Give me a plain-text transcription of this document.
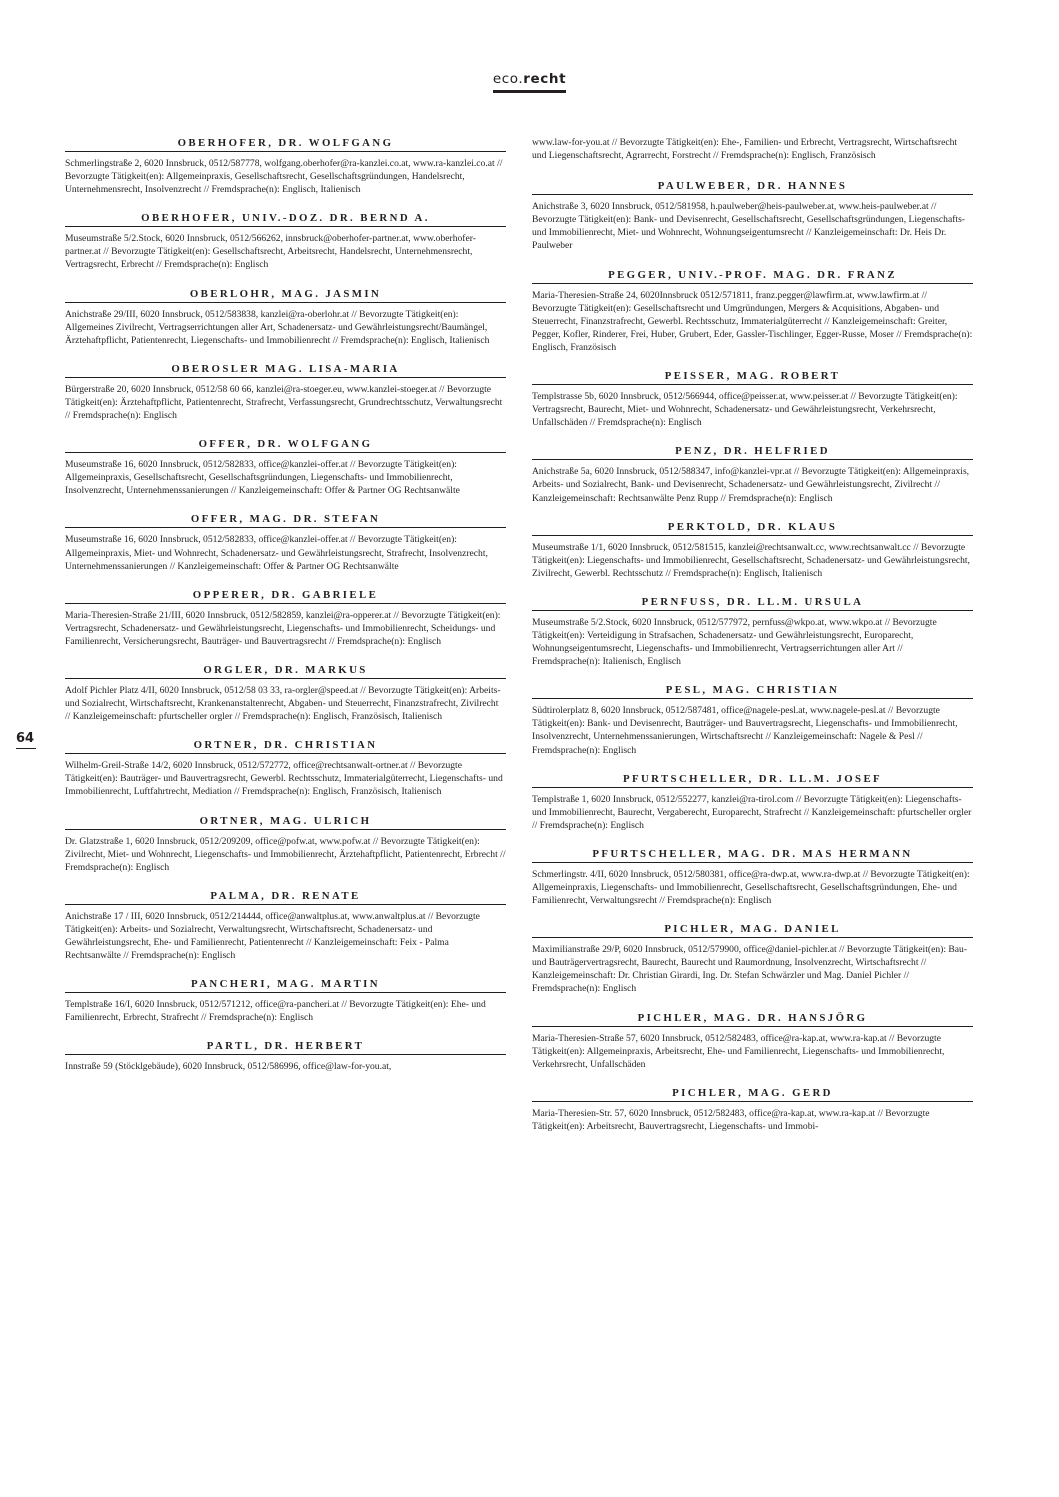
eco.recht
64
OBERHOFER, DR. WOLFGANG
Schmerlingstraße 2, 6020 Innsbruck, 0512/587778, wolfgang.oberhofer@ra-kanzlei.co.at, www.ra-kanzlei.co.at // Bevorzugte Tätigkeit(en): Allgemeinpraxis, Gesellschaftsrecht, Gesellschaftsgründungen, Handelsrecht, Unternehmensrecht, Insolvenzrecht // Fremdsprache(n): Englisch, Italienisch
OBERHOFER, UNIV.-DOZ. DR. BERND A.
Museumstraße 5/2.Stock, 6020 Innsbruck, 0512/566262, innsbruck@oberhofer-partner.at, www.oberhofer-partner.at // Bevorzugte Tätigkeit(en): Gesellschaftsrecht, Arbeitsrecht, Handelsrecht, Unternehmensrecht, Vertragsrecht, Erbrecht // Fremdsprache(n): Englisch
OBERLOHR, MAG. JASMIN
Anichstraße 29/III, 6020 Innsbruck, 0512/583838, kanzlei@ra-oberlohr.at // Bevorzugte Tätigkeit(en): Allgemeines Zivilrecht, Vertragserrichtungen aller Art, Schadenersatz- und Gewährleistungsrecht/Baumängel, Ärztehaftpflicht, Patientenrecht, Liegenschafts- und Immobilienrecht // Fremdsprache(n): Englisch, Italienisch
OBEROSLER MAG. LISA-MARIA
Bürgerstraße 20, 6020 Innsbruck, 0512/58 60 66, kanzlei@ra-stoeger.eu, www.kanzlei-stoeger.at // Bevorzugte Tätigkeit(en): Ärztehaftpflicht, Patientenrecht, Strafrecht, Verfassungsrecht, Grundrechtsschutz, Verwaltungsrecht // Fremdsprache(n): Englisch
OFFER, DR. WOLFGANG
Museumstraße 16, 6020 Innsbruck, 0512/582833, office@kanzlei-offer.at // Bevorzugte Tätigkeit(en): Allgemeinpraxis, Gesellschaftsrecht, Gesellschaftsgründungen, Liegenschafts- und Immobilienrecht, Insolvenzrecht, Unternehmenssanierungen // Kanzleigemeinschaft: Offer & Partner OG Rechtsanwälte
OFFER, MAG. DR. STEFAN
Museumstraße 16, 6020 Innsbruck, 0512/582833, office@kanzlei-offer.at // Bevorzugte Tätigkeit(en): Allgemeinpraxis, Miet- und Wohnrecht, Schadenersatz- und Gewährleistungsrecht, Strafrecht, Insolvenzrecht, Unternehmenssanierungen // Kanzleigemeinschaft: Offer & Partner OG Rechtsanwälte
OPPERER, DR. GABRIELE
Maria-Theresien-Straße 21/III, 6020 Innsbruck, 0512/582859, kanzlei@ra-opperer.at // Bevorzugte Tätigkeit(en): Vertragsrecht, Schadenersatz- und Gewährleistungsrecht, Liegenschafts- und Immobilienrecht, Scheidungs- und Familienrecht, Versicherungsrecht, Bauträger- und Bauvertragsrecht // Fremdsprache(n): Englisch
ORGLER, DR. MARKUS
Adolf Pichler Platz 4/II, 6020 Innsbruck, 0512/58 03 33, ra-orgler@speed.at // Bevorzugte Tätigkeit(en): Arbeits- und Sozialrecht, Wirtschaftsrecht, Krankenanstaltenrecht, Abgaben- und Steuerrecht, Finanzstrafrecht, Zivilrecht // Kanzleigemeinschaft: pfurtscheller orgler // Fremdsprache(n): Englisch, Französisch, Italienisch
ORTNER, DR. CHRISTIAN
Wilhelm-Greil-Straße 14/2, 6020 Innsbruck, 0512/572772, office@rechtsanwalt-ortner.at // Bevorzugte Tätigkeit(en): Bauträger- und Bauvertragsrecht, Gewerbl. Rechtsschutz, Immaterialgüterrecht, Liegenschafts- und Immobilienrecht, Luftfahrtrecht, Mediation // Fremdsprache(n): Englisch, Französisch, Italienisch
ORTNER, MAG. ULRICH
Dr. Glatzstraße 1, 6020 Innsbruck, 0512/209209, office@pofw.at, www.pofw.at // Bevorzugte Tätigkeit(en): Zivilrecht, Miet- und Wohnrecht, Liegenschafts- und Immobilienrecht, Ärztehaftpflicht, Patientenrecht, Erbrecht // Fremdsprache(n): Englisch
PALMA, DR. RENATE
Anichstraße 17 / III, 6020 Innsbruck, 0512/214444, office@anwaltplus.at, www.anwaltplus.at // Bevorzugte Tätigkeit(en): Arbeits- und Sozialrecht, Verwaltungsrecht, Wirtschaftsrecht, Schadenersatz- und Gewährleistungsrecht, Ehe- und Familienrecht, Patientenrecht // Kanzleigemeinschaft: Feix - Palma Rechtsanwälte // Fremdsprache(n): Englisch
PANCHERI, MAG. MARTIN
Templstraße 16/I, 6020 Innsbruck, 0512/571212, office@ra-pancheri.at // Bevorzugte Tätigkeit(en): Ehe- und Familienrecht, Erbrecht, Strafrecht // Fremdsprache(n): Englisch
PARTL, DR. HERBERT
Innstraße 59 (Stöcklgebäude), 6020 Innsbruck, 0512/586996, office@law-for-you.at,
www.law-for-you.at // Bevorzugte Tätigkeit(en): Ehe-, Familien- und Erbrecht, Vertragsrecht, Wirtschaftsrecht und Liegenschaftsrecht, Agrarrecht, Forstrecht // Fremdsprache(n): Englisch, Französisch
PAULWEBER, DR. HANNES
Anichstraße 3, 6020 Innsbruck, 0512/581958, h.paulweber@heis-paulweber.at, www.heis-paulweber.at // Bevorzugte Tätigkeit(en): Bank- und Devisenrecht, Gesellschaftsrecht, Gesellschaftsgründungen, Liegenschafts- und Immobilienrecht, Miet- und Wohnrecht, Wohnungseigentumsrecht // Kanzleigemeinschaft: Dr. Heis Dr. Paulweber
PEGGER, UNIV.-PROF. MAG. DR. FRANZ
Maria-Theresien-Straße 24, 6020Innsbruck 0512/571811, franz.pegger@lawfirm.at, www.lawfirm.at // Bevorzugte Tätigkeit(en): Gesellschaftsrecht und Umgründungen, Mergers & Acquisitions, Abgaben- und Steuerrecht, Finanzstrafrecht, Gewerbl. Rechtsschutz, Immaterialgüterrecht // Kanzleigemeinschaft: Greiter, Pegger, Kofler, Rinderer, Frei, Huber, Grubert, Eder, Gassler-Tischlinger, Egger-Russe, Moser // Fremdsprache(n): Englisch, Französisch
PEISSER, MAG. ROBERT
Templstrasse 5b, 6020 Innsbruck, 0512/566944, office@peisser.at, www.peisser.at // Bevorzugte Tätigkeit(en): Vertragsrecht, Baurecht, Miet- und Wohnrecht, Schadenersatz- und Gewährleistungsrecht, Verkehrsrecht, Unfallschäden // Fremdsprache(n): Englisch
PENZ, DR. HELFRIED
Anichstraße 5a, 6020 Innsbruck, 0512/588347, info@kanzlei-vpr.at // Bevorzugte Tätigkeit(en): Allgemeinpraxis, Arbeits- und Sozialrecht, Bank- und Devisenrecht, Schadenersatz- und Gewährleistungsrecht, Zivilrecht // Kanzleigemeinschaft: Rechtsanwälte Penz Rupp // Fremdsprache(n): Englisch
PERKTOLD, DR. KLAUS
Museumstraße 1/1, 6020 Innsbruck, 0512/581515, kanzlei@rechtsanwalt.cc, www.rechtsanwalt.cc // Bevorzugte Tätigkeit(en): Liegenschafts- und Immobilienrecht, Gesellschaftsrecht, Schadenersatz- und Gewährleistungsrecht, Zivilrecht, Gewerbl. Rechtsschutz // Fremdsprache(n): Englisch, Italienisch
PERNFUSS, DR. LL.M. URSULA
Museumstraße 5/2.Stock, 6020 Innsbruck, 0512/577972, pernfuss@wkpo.at, www.wkpo.at // Bevorzugte Tätigkeit(en): Verteidigung in Strafsachen, Schadenersatz- und Gewährleistungsrecht, Europarecht, Wohnungseigentumsrecht, Liegenschafts- und Immobilienrecht, Vertragserrichtungen aller Art // Fremdsprache(n): Italienisch, Englisch
PESL, MAG. CHRISTIAN
Südtirolerplatz 8, 6020 Innsbruck, 0512/587481, office@nagele-pesl.at, www.nagele-pesl.at // Bevorzugte Tätigkeit(en): Bank- und Devisenrecht, Bauträger- und Bauvertragsrecht, Liegenschafts- und Immobilienrecht, Insolvenzrecht, Unternehmenssanierungen, Wirtschaftsrecht // Kanzleigemeinschaft: Nagele & Pesl // Fremdsprache(n): Englisch
PFURTSCHELLER, DR. LL.M. JOSEF
Templstraße 1, 6020 Innsbruck, 0512/552277, kanzlei@ra-tirol.com // Bevorzugte Tätigkeit(en): Liegenschafts- und Immobilienrecht, Baurecht, Vergaberecht, Europarecht, Strafrecht // Kanzleigemeinschaft: pfurtscheller orgler // Fremdsprache(n): Englisch
PFURTSCHELLER, MAG. DR. MAS HERMANN
Schmerlingstr. 4/II, 6020 Innsbruck, 0512/580381, office@ra-dwp.at, www.ra-dwp.at // Bevorzugte Tätigkeit(en): Allgemeinpraxis, Liegenschafts- und Immobilienrecht, Gesellschaftsrecht, Gesellschaftsgründungen, Ehe- und Familienrecht, Verwaltungsrecht // Fremdsprache(n): Englisch
PICHLER, MAG. DANIEL
Maximilianstraße 29/P, 6020 Innsbruck, 0512/579900, office@daniel-pichler.at // Bevorzugte Tätigkeit(en): Bau- und Bauträgervertragsrecht, Baurecht, Baurecht und Raumordnung, Insolvenzrecht, Wirtschaftsrecht // Kanzleigemeinschaft: Dr. Christian Girardi, Ing. Dr. Stefan Schwärzler und Mag. Daniel Pichler // Fremdsprache(n): Englisch
PICHLER, MAG. DR. HANSJÖRG
Maria-Theresien-Straße 57, 6020 Innsbruck, 0512/582483, office@ra-kap.at, www.ra-kap.at // Bevorzugte Tätigkeit(en): Allgemeinpraxis, Arbeitsrecht, Ehe- und Familienrecht, Liegenschafts- und Immobilienrecht, Verkehrsrecht, Unfallschäden
PICHLER, MAG. GERD
Maria-Theresien-Str. 57, 6020 Innsbruck, 0512/582483, office@ra-kap.at, www.ra-kap.at // Bevorzugte Tätigkeit(en): Arbeitsrecht, Bauvertragsrecht, Liegenschafts- und Immobi-
